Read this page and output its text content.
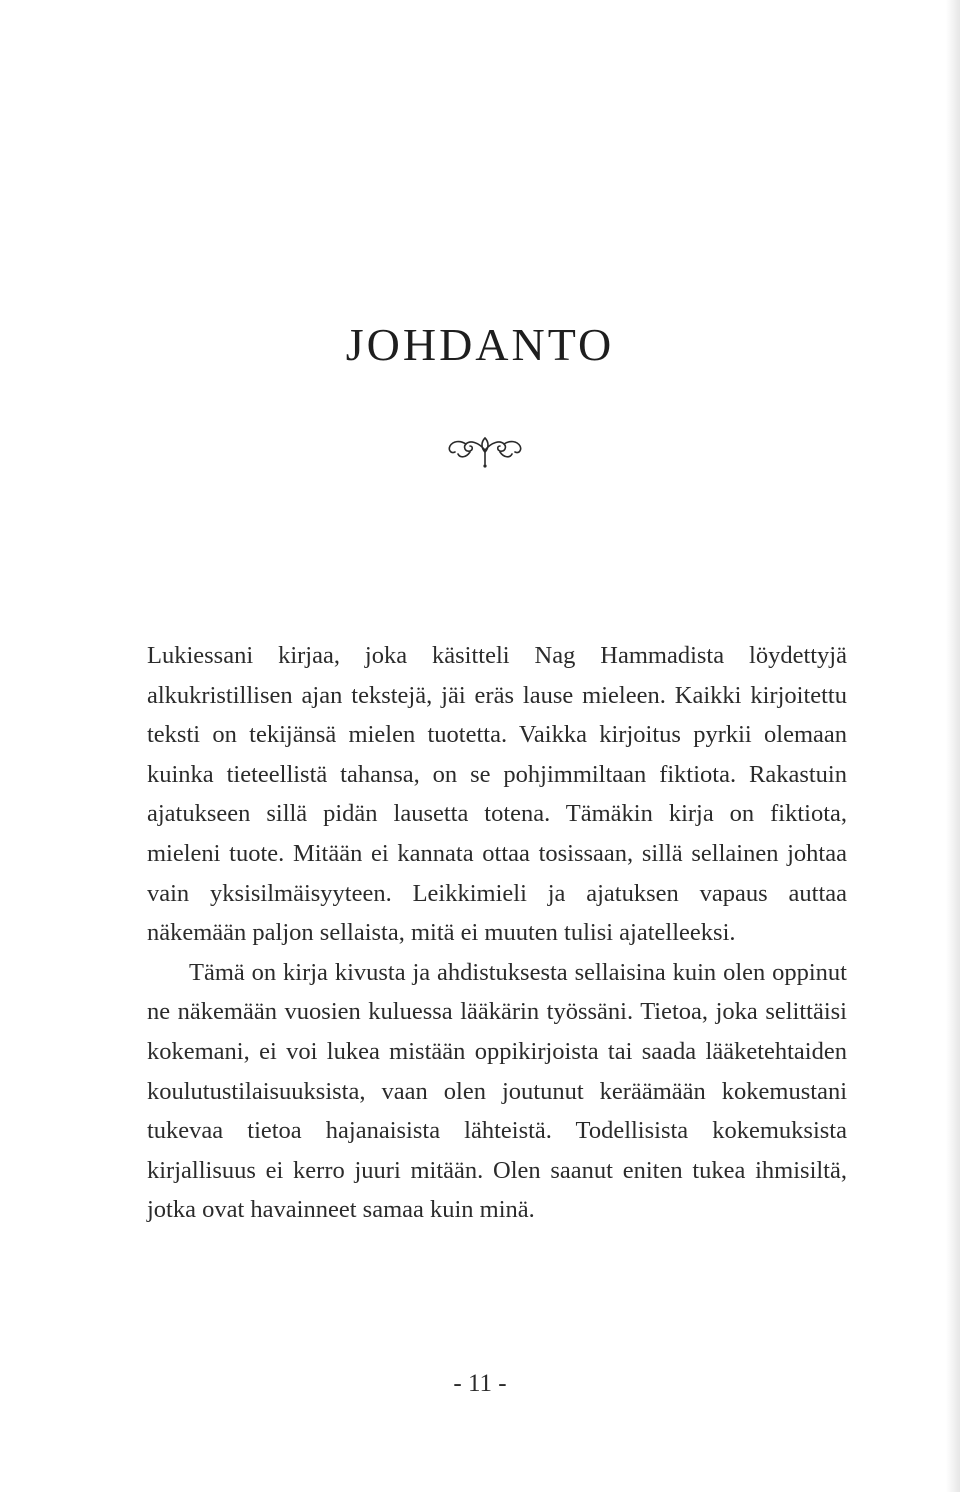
JOHDANTO

Lukiessani kirjaa, joka käsitteli Nag Hammadista löydettyjä alkukristillisen ajan tekstejä, jäi eräs lause mieleen. Kaikki kirjoitettu teksti on tekijänsä mielen tuotetta. Vaikka kirjoitus pyrkii olemaan kuinka tieteellistä tahansa, on se pohjimmiltaan fiktiota. Rakastuin ajatukseen sillä pidän lausetta totena. Tämäkin kirja on fiktiota, mieleni tuote. Mitään ei kannata ottaa tosissaan, sillä sellainen johtaa vain yksisilmäisyyteen. Leikkimieli ja ajatuksen vapaus auttaa näkemään paljon sellaista, mitä ei muuten tulisi ajatelleeksi.

Tämä on kirja kivusta ja ahdistuksesta sellaisina kuin olen oppinut ne näkemään vuosien kuluessa lääkärin työssäni. Tietoa, joka selittäisi kokemani, ei voi lukea mistään oppikirjoista tai saada lääketehtaiden koulutustilaisuuksista, vaan olen joutunut keräämään kokemustani tukevaa tietoa hajanaisista lähteistä. Todellisista kokemuksista kirjallisuus ei kerro juuri mitään. Olen saanut eniten tukea ihmisiltä, jotka ovat havainneet samaa kuin minä.

- 11 -
